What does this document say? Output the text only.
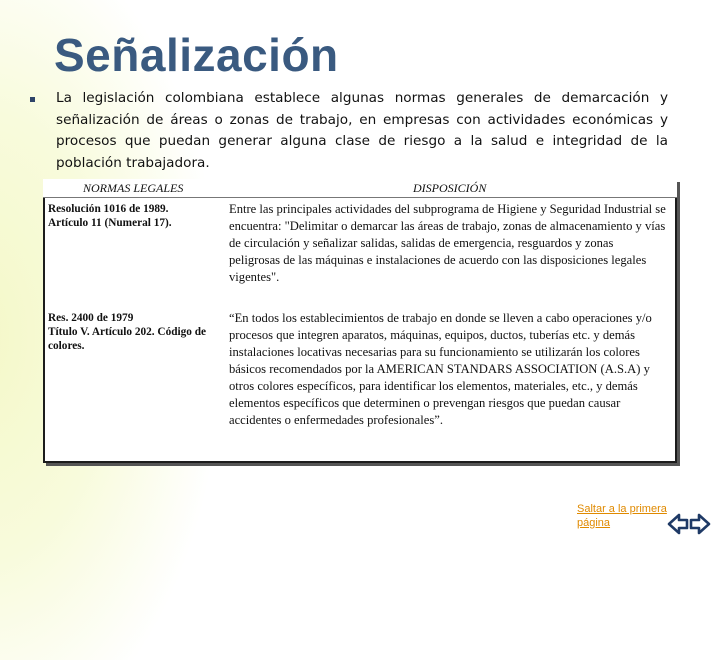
Señalización
La legislación colombiana establece algunas normas generales de demarcación y señalización de áreas o zonas de trabajo, en empresas con actividades económicas y procesos que puedan generar alguna clase de riesgo a la salud e integridad de la población trabajadora.
NORMAS LEGALES	DISPOSICIÓN
Resolución 1016 de 1989.
Artículo 11 (Numeral 17).
Entre las principales actividades del subprograma de Higiene y Seguridad Industrial se encuentra: "Delimitar o demarcar las áreas de trabajo, zonas de almacenamiento y vías de circulación y señalizar salidas, salidas de emergencia, resguardos y zonas peligrosas de las máquinas e instalaciones de acuerdo con las disposiciones legales vigentes".
Res. 2400 de 1979
Título V. Artículo 202. Código de
colores.
“En todos los establecimientos de trabajo en donde se lleven a cabo operaciones y/o procesos que integren aparatos, máquinas, equipos, ductos, tuberías etc. y demás instalaciones locativas necesarias para su funcionamiento se utilizarán los colores básicos recomendados por la AMERICAN STANDARS ASSOCIATION (A.S.A) y otros colores específicos, para identificar los elementos, materiales, etc., y demás elementos específicos que determinen o prevengan riesgos que puedan causar accidentes o enfermedades profesionales”.
Saltar a la primera página
